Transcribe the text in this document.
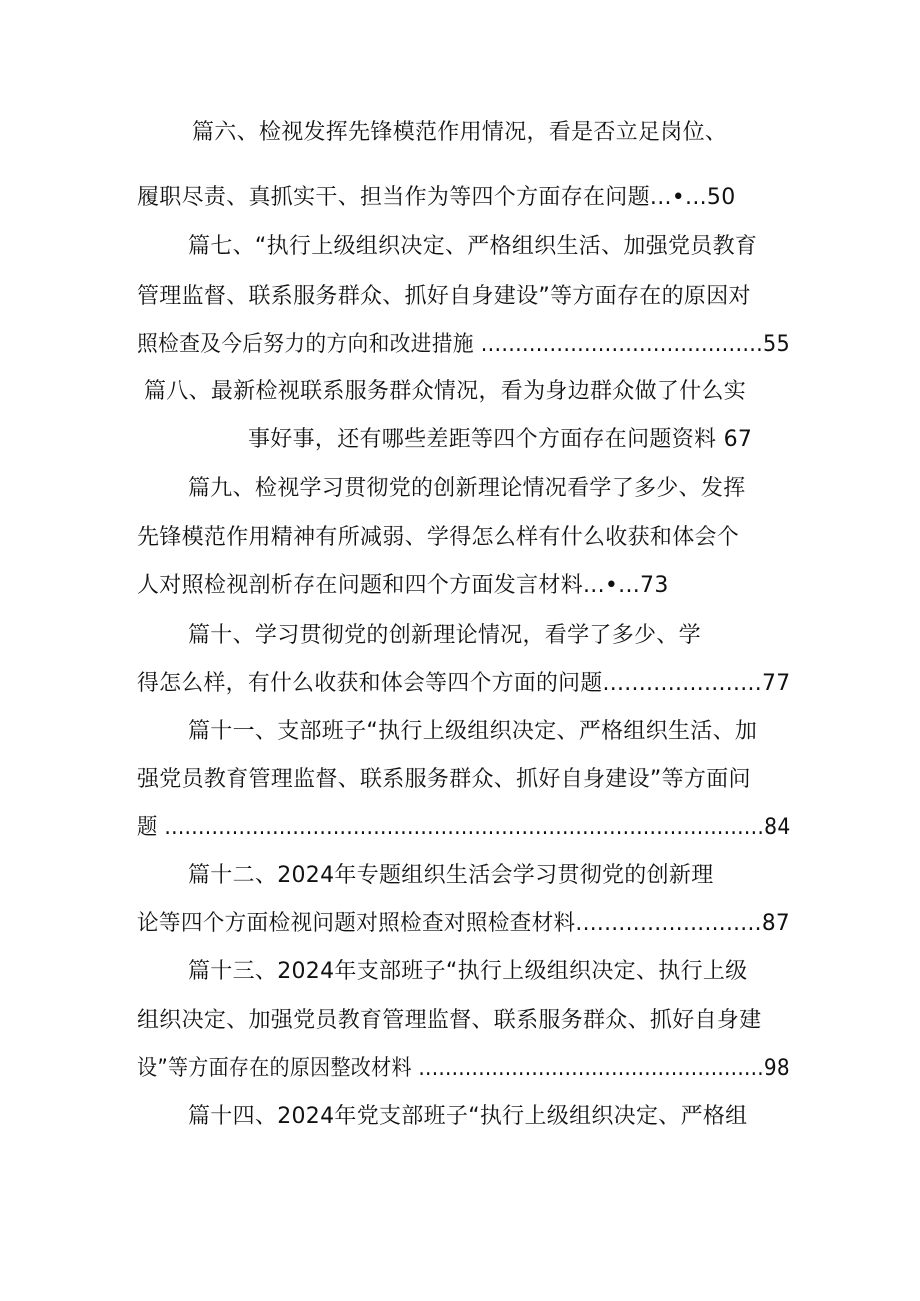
篇六、检视发挥先锋模范作用情况，看是否立足岗位、
履职尽责、真抓实干、担当作为等四个方面存在问题...•...50
篇七、“执行上级组织决定、严格组织生活、加强党员教育
管理监督、联系服务群众、抓好自身建设”等方面存在的原因对
照检查及今后努力的方向和改进措施 .........................................55
篇八、最新检视联系服务群众情况，看为身边群众做了什么实
事好事，还有哪些差距等四个方面存在问题资料 67
篇九、检视学习贯彻党的创新理论情况看学了多少、发挥
先锋模范作用精神有所减弱、学得怎么样有什么收获和体会个
人对照检视剖析存在问题和四个方面发言材料...•...73
篇十、学习贯彻党的创新理论情况，看学了多少、学
得怎么样，有什么收获和体会等四个方面的问题......................77
篇十一、支部班子“执行上级组织决定、严格组织生活、加
强党员教育管理监督、联系服务群众、抓好自身建设”等方面问
题 .........................................................................................84
篇十二、2024年专题组织生活会学习贯彻党的创新理
论等四个方面检视问题对照检查对照检查材料..........................87
篇十三、2024年支部班子“执行上级组织决定、执行上级
组织决定、加强党员教育管理监督、联系服务群众、抓好自身建
设”等方面存在的原因整改材料 ....................................................98
篇十四、2024年党支部班子“执行上级组织决定、严格组
